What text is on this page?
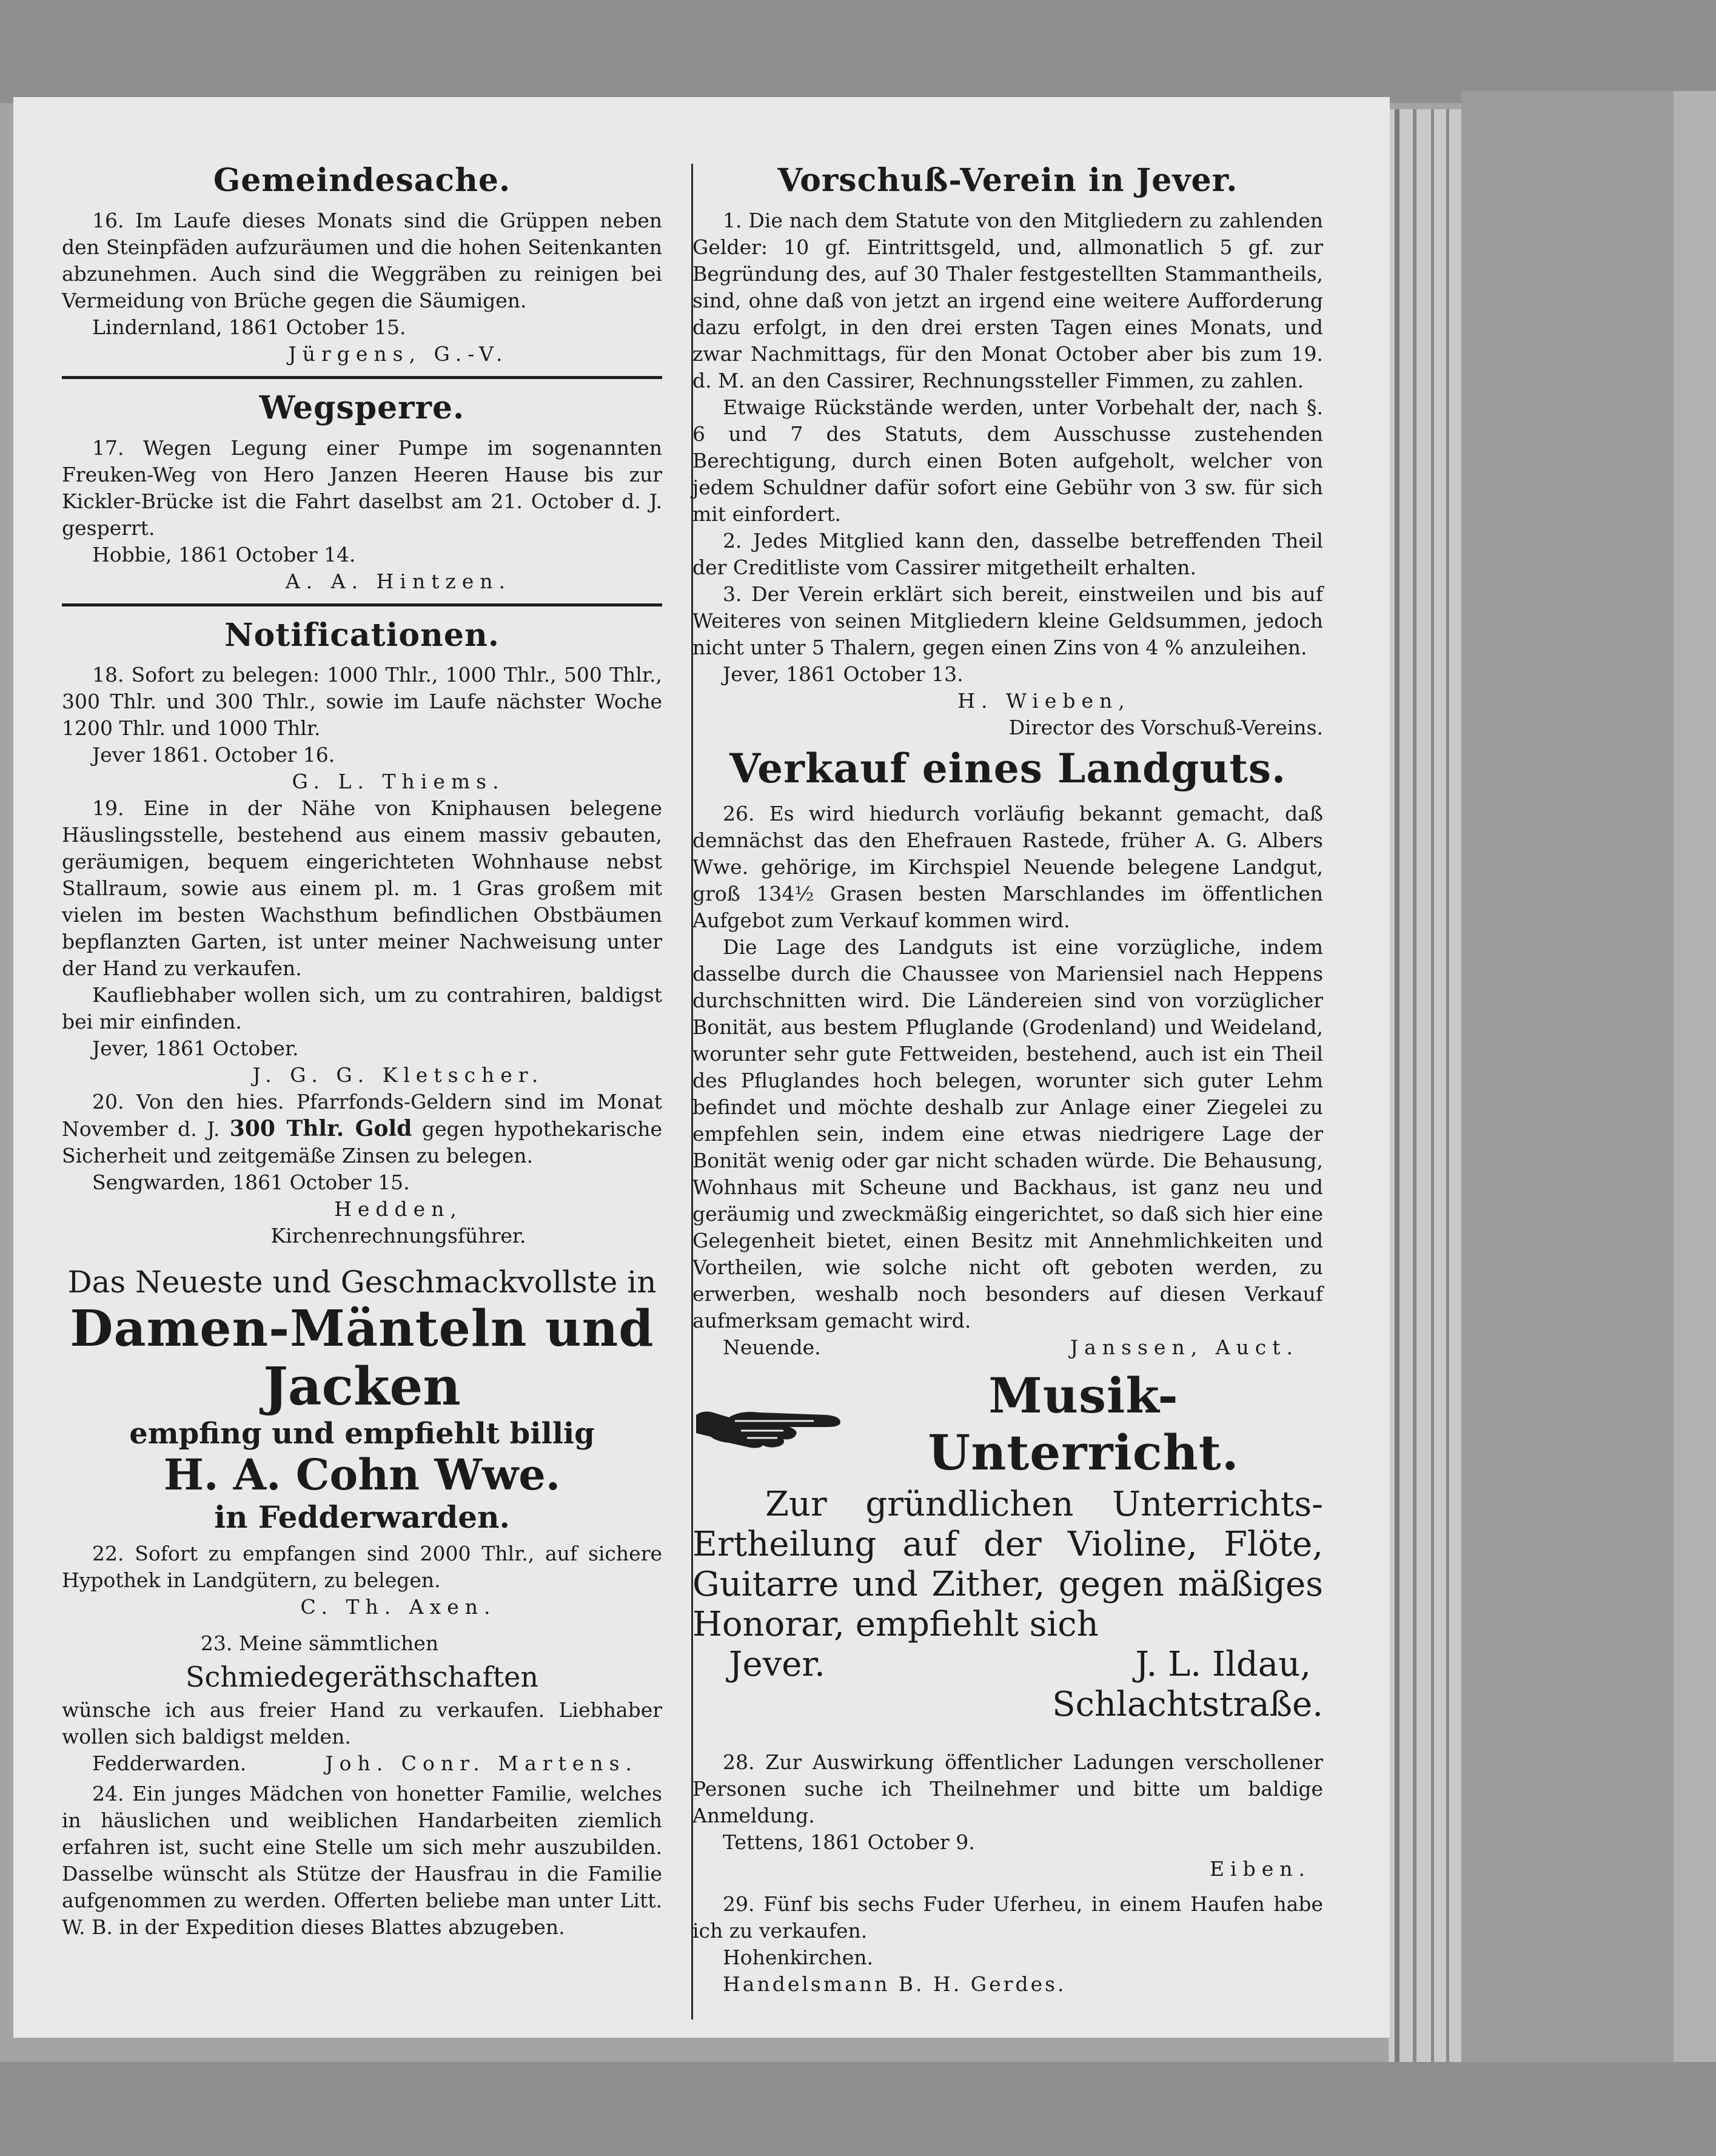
Gemeindesache.

16. Im Laufe dieses Monats sind die Grüppen neben den Steinpfäden aufzuräumen und die hohen Seitenkanten abzunehmen. Auch sind die Weggräben zu reinigen bei Vermeidung von Brüche gegen die Säumigen.

Lindernland, 1861 October 15.

Jürgens, G.-V.

Wegsperre.

17. Wegen Legung einer Pumpe im sogenannten Freuken-Weg von Hero Janzen Heeren Hause bis zur Kickler-Brücke ist die Fahrt daselbst am 21. October d. J. gesperrt.

Hobbie, 1861 October 14.

A. A. Hintzen.

Notificationen.

18. Sofort zu belegen: 1000 Thlr., 1000 Thlr., 500 Thlr., 300 Thlr. und 300 Thlr., sowie im Laufe nächster Woche 1200 Thlr. und 1000 Thlr.

Jever 1861. October 16.

G. L. Thiems.

19. Eine in der Nähe von Kniphausen belegene Häuslingsstelle, bestehend aus einem massiv gebauten, geräumigen, bequem eingerichteten Wohnhause nebst Stallraum, sowie aus einem pl. m. 1 Gras großem mit vielen im besten Wachsthum befindlichen Obstbäumen bepflanzten Garten, ist unter meiner Nachweisung unter der Hand zu verkaufen.

Kaufliebhaber wollen sich, um zu contrahiren, baldigst bei mir einfinden.

Jever, 1861 October.

J. G. G. Kletscher.

20. Von den hies. Pfarrfonds-Geldern sind im Monat November d. J. 300 Thlr. Gold gegen hypothekarische Sicherheit und zeitgemäße Zinsen zu belegen.

Sengwarden, 1861 October 15.

Hedden,

Kirchenrechnungsführer.

Das Neueste und Geschmackvollste in

Damen-Mänteln und

Jacken

empfing und empfiehlt billig

H. A. Cohn Wwe.

in Fedderwarden.

22. Sofort zu empfangen sind 2000 Thlr., auf sichere Hypothek in Landgütern, zu belegen.

C. Th. Axen.

23. Meine sämmtlichen

Schmiedegeräthschaften

wünsche ich aus freier Hand zu verkaufen. Liebhaber wollen sich baldigst melden.

Fedderwarden.	Joh. Conr. Martens.

24. Ein junges Mädchen von honetter Familie, welches in häuslichen und weiblichen Handarbeiten ziemlich erfahren ist, sucht eine Stelle um sich mehr auszubilden. Dasselbe wünscht als Stütze der Hausfrau in die Familie aufgenommen zu werden. Offerten beliebe man unter Litt. W. B. in der Expedition dieses Blattes abzugeben.

Vorschuß-Verein in Jever.

1. Die nach dem Statute von den Mitgliedern zu zahlenden Gelder: 10 gf. Eintrittsgeld, und, allmonatlich 5 gf. zur Begründung des, auf 30 Thaler festgestellten Stammantheils, sind, ohne daß von jetzt an irgend eine weitere Aufforderung dazu erfolgt, in den drei ersten Tagen eines Monats, und zwar Nachmittags, für den Monat October aber bis zum 19. d. M. an den Cassirer, Rechnungssteller Fimmen, zu zahlen.

Etwaige Rückstände werden, unter Vorbehalt der, nach §. 6 und 7 des Statuts, dem Ausschusse zustehenden Berechtigung, durch einen Boten aufgeholt, welcher von jedem Schuldner dafür sofort eine Gebühr von 3 sw. für sich mit einfordert.

2. Jedes Mitglied kann den, dasselbe betreffenden Theil der Creditliste vom Cassirer mitgetheilt erhalten.

3. Der Verein erklärt sich bereit, einstweilen und bis auf Weiteres von seinen Mitgliedern kleine Geldsummen, jedoch nicht unter 5 Thalern, gegen einen Zins von 4 % anzuleihen.

Jever, 1861 October 13.

H. Wieben,

Director des Vorschuß-Vereins.

Verkauf eines Landguts.

26. Es wird hiedurch vorläufig bekannt gemacht, daß demnächst das den Ehefrauen Rastede, früher A. G. Albers Wwe. gehörige, im Kirchspiel Neuende belegene Landgut, groß 134½ Grasen besten Marschlandes im öffentlichen Aufgebot zum Verkauf kommen wird.

Die Lage des Landguts ist eine vorzügliche, indem dasselbe durch die Chaussee von Mariensiel nach Heppens durchschnitten wird. Die Ländereien sind von vorzüglicher Bonität, aus bestem Pfluglande (Grodenland) und Weideland, worunter sehr gute Fettweiden, bestehend, auch ist ein Theil des Pfluglandes hoch belegen, worunter sich guter Lehm befindet und möchte deshalb zur Anlage einer Ziegelei zu empfehlen sein, indem eine etwas niedrigere Lage der Bonität wenig oder gar nicht schaden würde. Die Behausung, Wohnhaus mit Scheune und Backhaus, ist ganz neu und geräumig und zweckmäßig eingerichtet, so daß sich hier eine Gelegenheit bietet, einen Besitz mit Annehmlichkeiten und Vortheilen, wie solche nicht oft geboten werden, zu erwerben, weshalb noch besonders auf diesen Verkauf aufmerksam gemacht wird.

Neuende.	Janssen, Auct.

Musik-Unterricht.

Zur gründlichen Unterrichts-Ertheilung auf der Violine, Flöte, Guitarre und Zither, gegen mäßiges Honorar, empfiehlt sich

Jever.	J. L. Ildau,

Schlachtstraße.

28. Zur Auswirkung öffentlicher Ladungen verschollener Personen suche ich Theilnehmer und bitte um baldige Anmeldung.

Tettens, 1861 October 9.

Eiben.

29. Fünf bis sechs Fuder Uferheu, in einem Haufen habe ich zu verkaufen.

Hohenkirchen.

Handelsmann B. H. Gerdes.
